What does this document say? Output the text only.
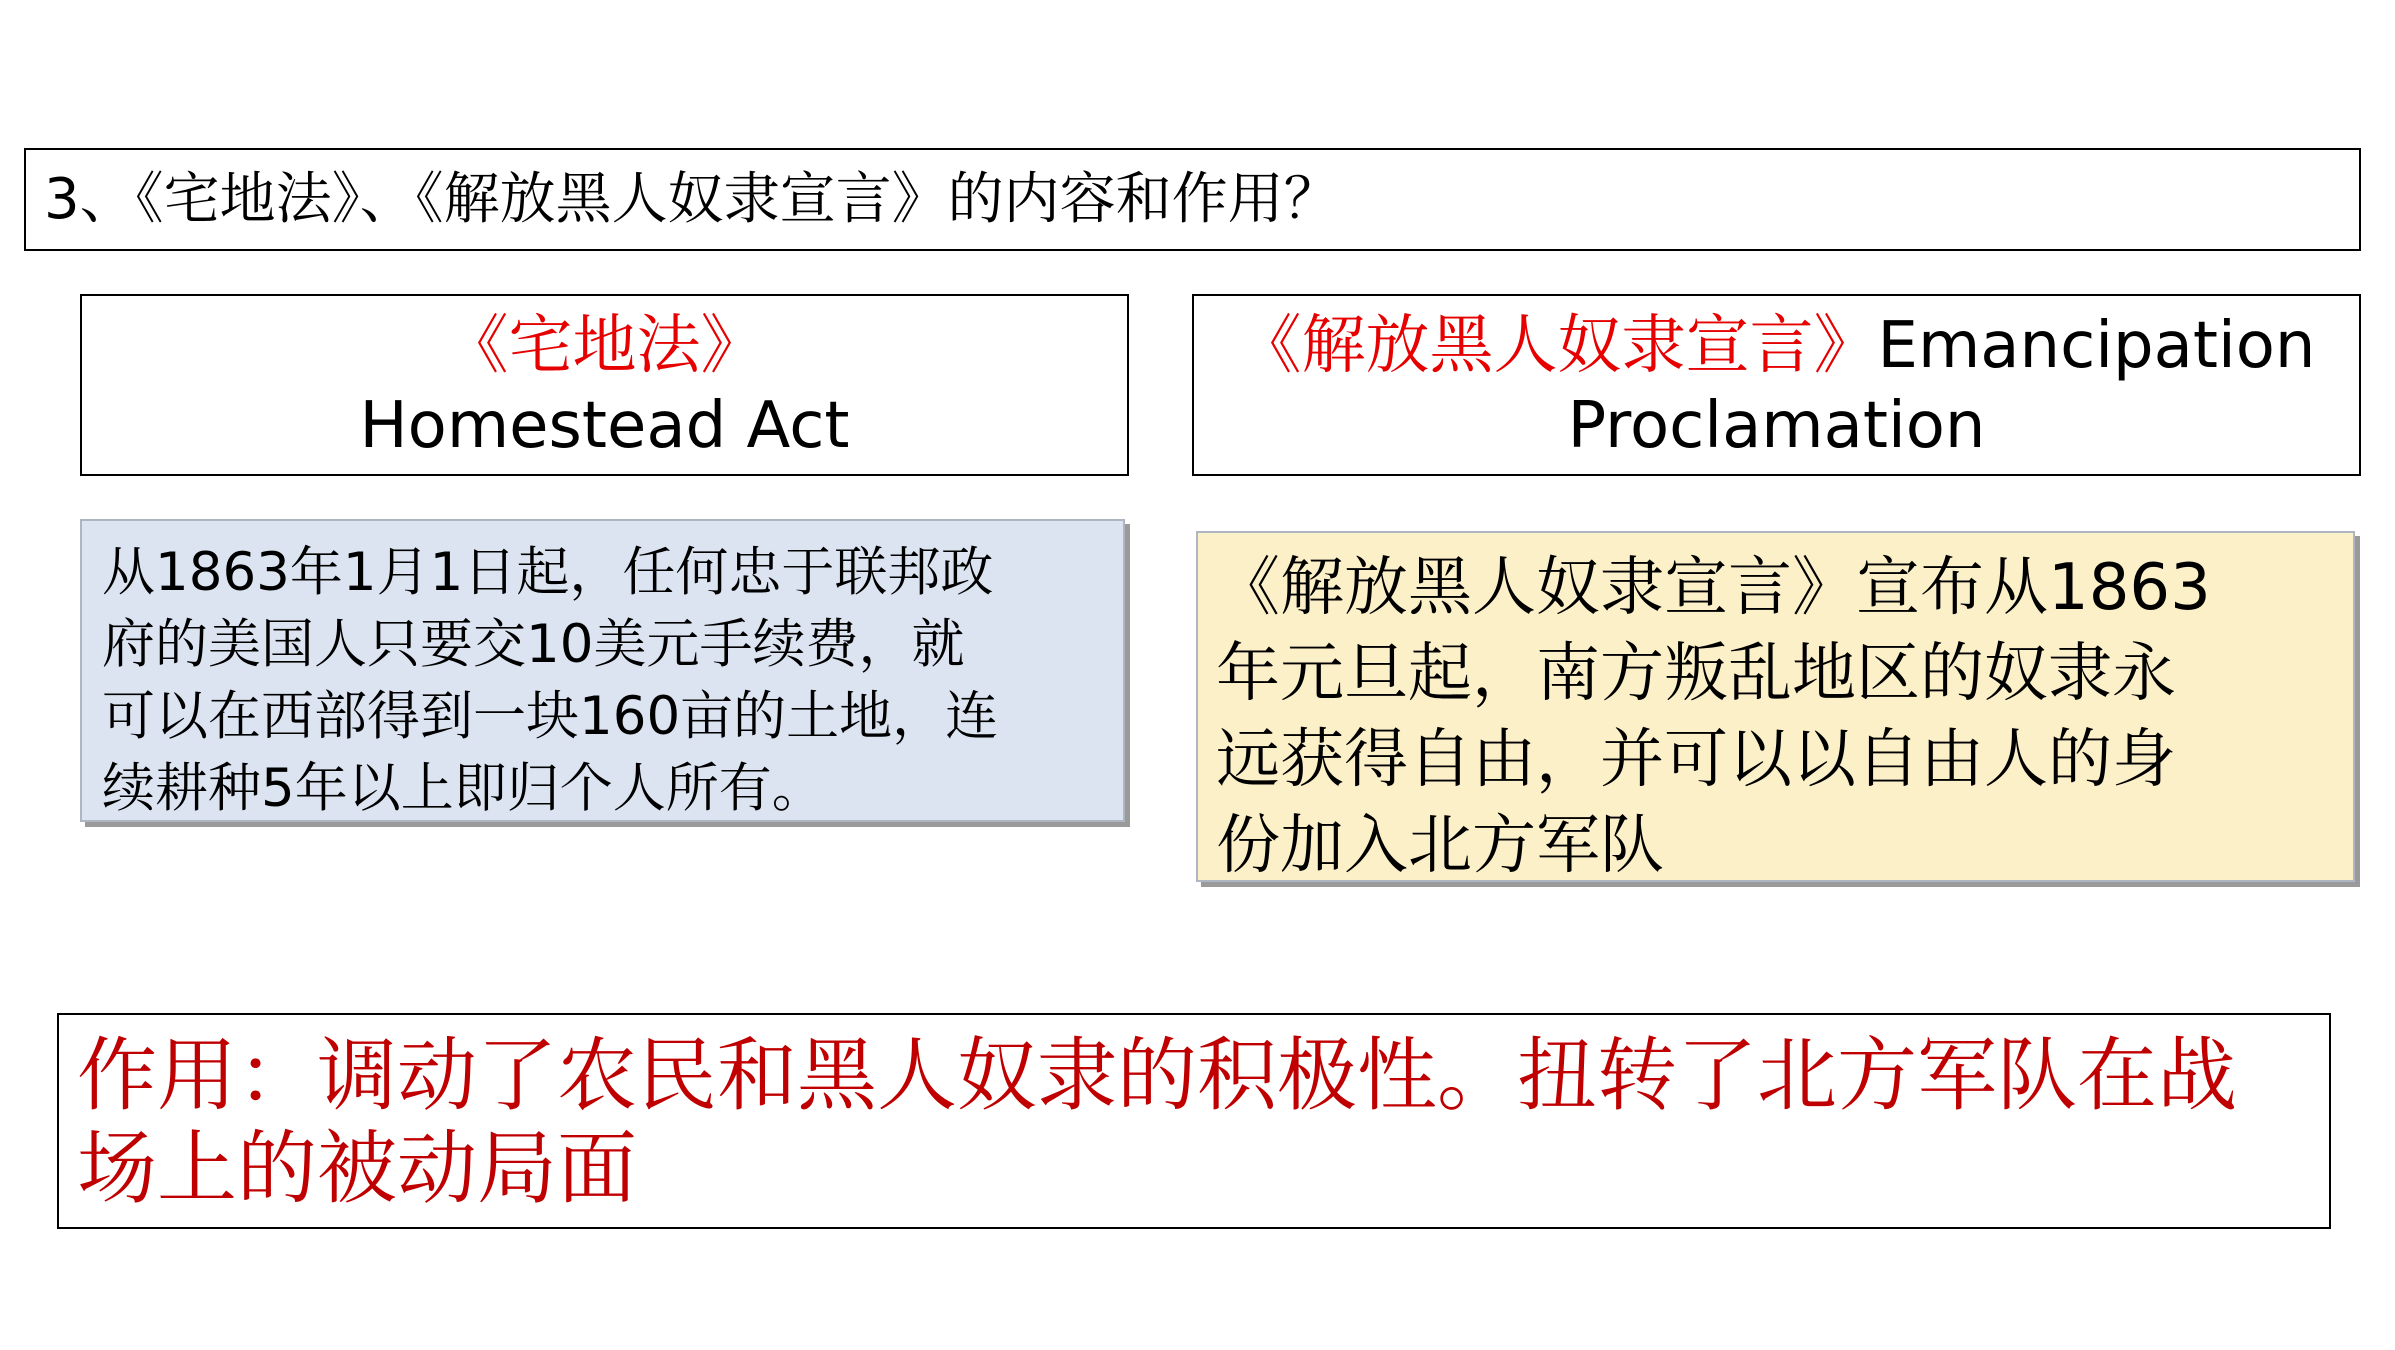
3、《宅地法》、《解放黑人奴隶宣言》的内容和作用？
《宅地法》
Homestead Act
《解放黑人奴隶宣言》Emancipation
Proclamation
从1863年1月1日起，任何忠于联邦政
府的美国人只要交10美元手续费，就
可以在西部得到一块160亩的土地，连
续耕种5年以上即归个人所有。
《解放黑人奴隶宣言》宣布从1863
年元旦起，南方叛乱地区的奴隶永
远获得自由，并可以以自由人的身
份加入北方军队
作用：调动了农民和黑人奴隶的积极性。扭转了北方军队在战
场上的被动局面
